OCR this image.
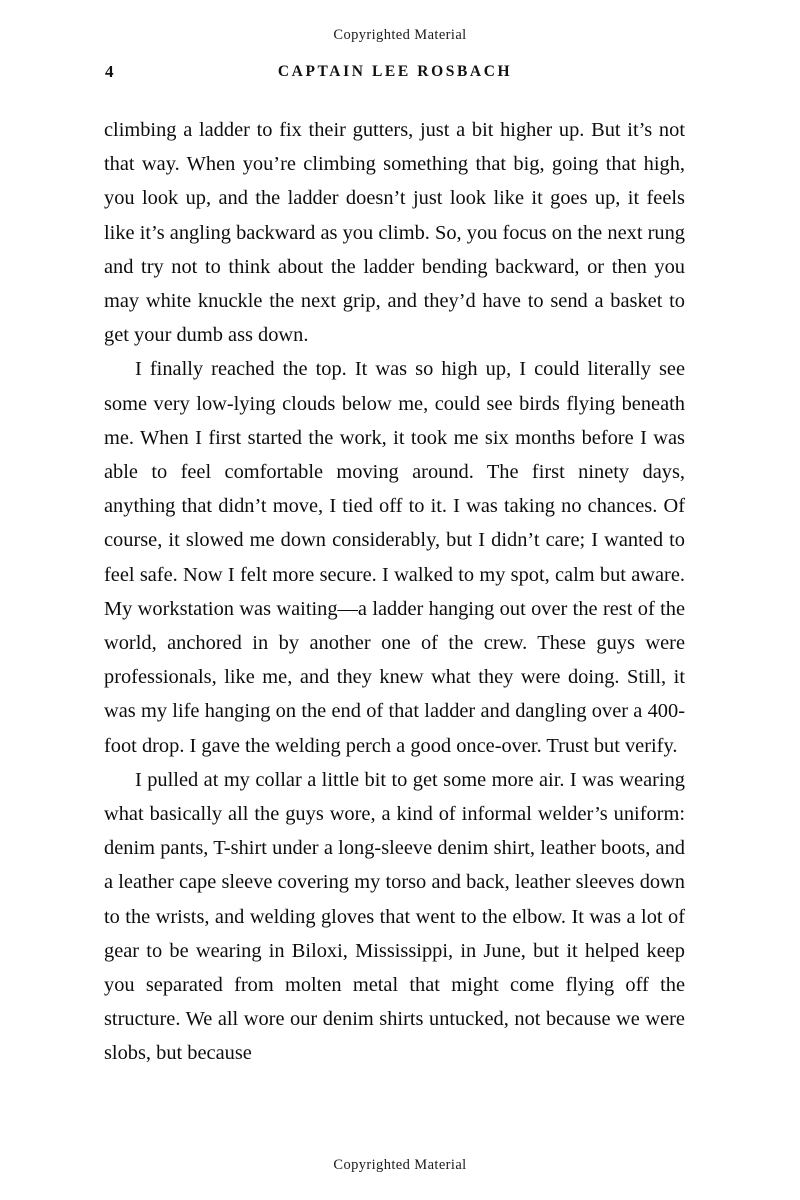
Copyrighted Material
4	CAPTAIN LEE ROSBACH

climbing a ladder to fix their gutters, just a bit higher up. But it’s not that way. When you’re climbing something that big, going that high, you look up, and the ladder doesn’t just look like it goes up, it feels like it’s angling backward as you climb. So, you focus on the next rung and try not to think about the ladder bending backward, or then you may white knuckle the next grip, and they’d have to send a basket to get your dumb ass down.

I finally reached the top. It was so high up, I could literally see some very low-lying clouds below me, could see birds flying beneath me. When I first started the work, it took me six months before I was able to feel comfortable moving around. The first ninety days, anything that didn’t move, I tied off to it. I was taking no chances. Of course, it slowed me down considerably, but I didn’t care; I wanted to feel safe. Now I felt more secure. I walked to my spot, calm but aware. My workstation was waiting—a ladder hanging out over the rest of the world, anchored in by another one of the crew. These guys were professionals, like me, and they knew what they were doing. Still, it was my life hanging on the end of that ladder and dangling over a 400-foot drop. I gave the welding perch a good once-over. Trust but verify.

I pulled at my collar a little bit to get some more air. I was wearing what basically all the guys wore, a kind of informal welder’s uniform: denim pants, T-shirt under a long-sleeve denim shirt, leather boots, and a leather cape sleeve covering my torso and back, leather sleeves down to the wrists, and welding gloves that went to the elbow. It was a lot of gear to be wearing in Biloxi, Mississippi, in June, but it helped keep you separated from molten metal that might come flying off the structure. We all wore our denim shirts untucked, not because we were slobs, but because

Copyrighted Material
